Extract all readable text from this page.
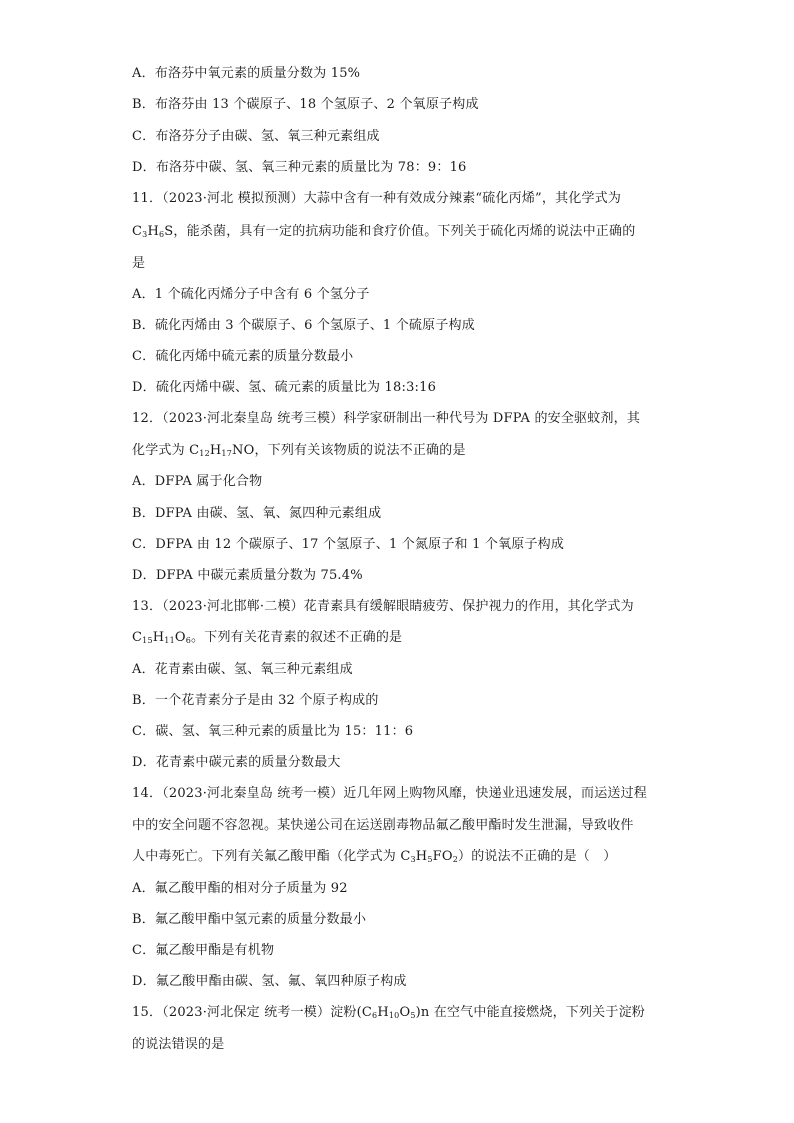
A．布洛芬中氧元素的质量分数为 15%
B．布洛芬由 13 个碳原子、18 个氢原子、2 个氧原子构成
C．布洛芬分子由碳、氢、氧三种元素组成
D．布洛芬中碳、氢、氧三种元素的质量比为 78：9：16
11．（2023·河北 模拟预测）大蒜中含有一种有效成分辣素“硫化丙烯”，其化学式为
$C_3H_6S$，能杀菌，具有一定的抗病功能和食疗价值。下列关于硫化丙烯的说法中正确的
是
A．1 个硫化丙烯分子中含有 6 个氢分子
B．硫化丙烯由 3 个碳原子、6 个氢原子、1 个硫原子构成
C．硫化丙烯中硫元素的质量分数最小
D．硫化丙烯中碳、氢、硫元素的质量比为 18:3:16
12．（2023·河北秦皇岛 统考三模）科学家研制出一种代号为 DFPA 的安全驱蚊剂，其
化学式为 $C_{12}H_{17}NO$，下列有关该物质的说法不正确的是
A．DFPA 属于化合物
B．DFPA 由碳、氢、氧、氮四种元素组成
C．DFPA 由 12 个碳原子、17 个氢原子、1 个氮原子和 1 个氧原子构成
D．DFPA 中碳元素质量分数为 75.4%
13．（2023·河北邯郸·二模）花青素具有缓解眼睛疲劳、保护视力的作用，其化学式为
$C_{15}H_{11}O_6$。下列有关花青素的叙述不正确的是
A．花青素由碳、氢、氧三种元素组成
B．一个花青素分子是由 32 个原子构成的
C．碳、氢、氧三种元素的质量比为 15：11：6
D．花青素中碳元素的质量分数最大
14．（2023·河北秦皇岛 统考一模）近几年网上购物风靡，快递业迅速发展，而运送过程
中的安全问题不容忽视。某快递公司在运送剧毒物品氟乙酸甲酯时发生泄漏，导致收件
人中毒死亡。下列有关氟乙酸甲酯（化学式为 $C_3H_5FO_2$）的说法不正确的是（　）
A．氟乙酸甲酯的相对分子质量为 92
B．氟乙酸甲酯中氢元素的质量分数最小
C．氟乙酸甲酯是有机物
D．氟乙酸甲酯由碳、氢、氟、氧四种原子构成
15．（2023·河北保定 统考一模）淀粉$(C_6H_{10}O_5)n$ 在空气中能直接燃烧，下列关于淀粉
的说法错误的是
